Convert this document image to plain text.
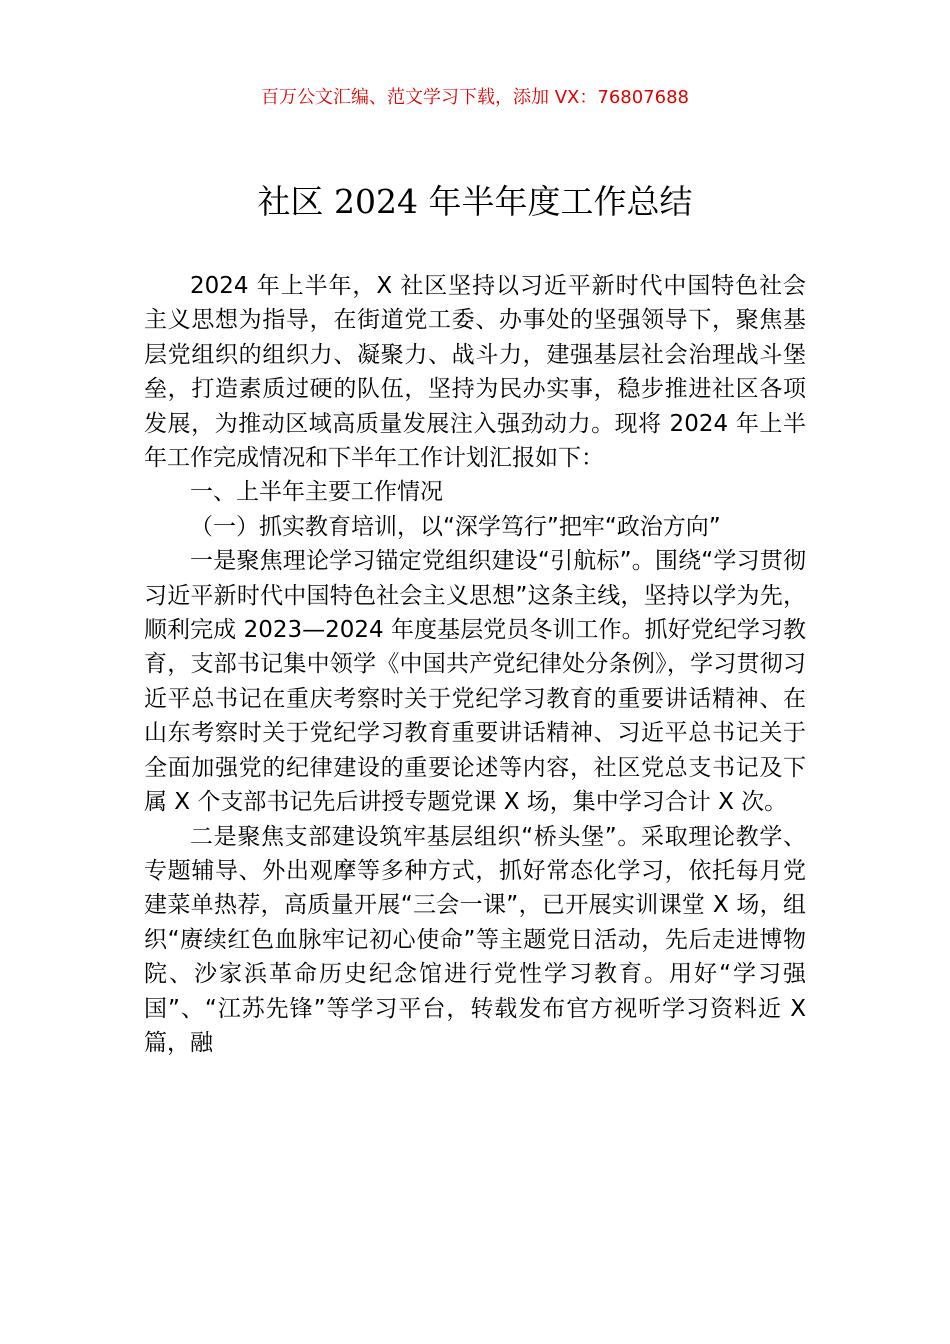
百万公文汇编、范文学习下载，添加 VX：76807688
社区 2024 年半年度工作总结

2024 年上半年，X 社区坚持以习近平新时代中国特色社会主义思想为指导，在街道党工委、办事处的坚强领导下，聚焦基层党组织的组织力、凝聚力、战斗力，建强基层社会治理战斗堡垒，打造素质过硬的队伍，坚持为民办实事，稳步推进社区各项发展，为推动区域高质量发展注入强劲动力。现将 2024 年上半年工作完成情况和下半年工作计划汇报如下：

一、上半年主要工作情况

（一）抓实教育培训，以“深学笃行”把牢“政治方向”

一是聚焦理论学习锚定党组织建设“引航标”。围绕“学习贯彻习近平新时代中国特色社会主义思想”这条主线，坚持以学为先，顺利完成 2023—2024 年度基层党员冬训工作。抓好党纪学习教育，支部书记集中领学《中国共产党纪律处分条例》，学习贯彻习近平总书记在重庆考察时关于党纪学习教育的重要讲话精神、在山东考察时关于党纪学习教育重要讲话精神、习近平总书记关于全面加强党的纪律建设的重要论述等内容，社区党总支书记及下属 X 个支部书记先后讲授专题党课 X 场，集中学习合计 X 次。

二是聚焦支部建设筑牢基层组织“桥头堡”。采取理论教学、专题辅导、外出观摩等多种方式，抓好常态化学习，依托每月党建菜单热荐，高质量开展“三会一课”，已开展实训课堂 X 场，组织“赓续红色血脉牢记初心使命”等主题党日活动，先后走进博物院、沙家浜革命历史纪念馆进行党性学习教育。用好“学习强国”、“江苏先锋”等学习平台，转载发布官方视听学习资料近 X 篇，融
